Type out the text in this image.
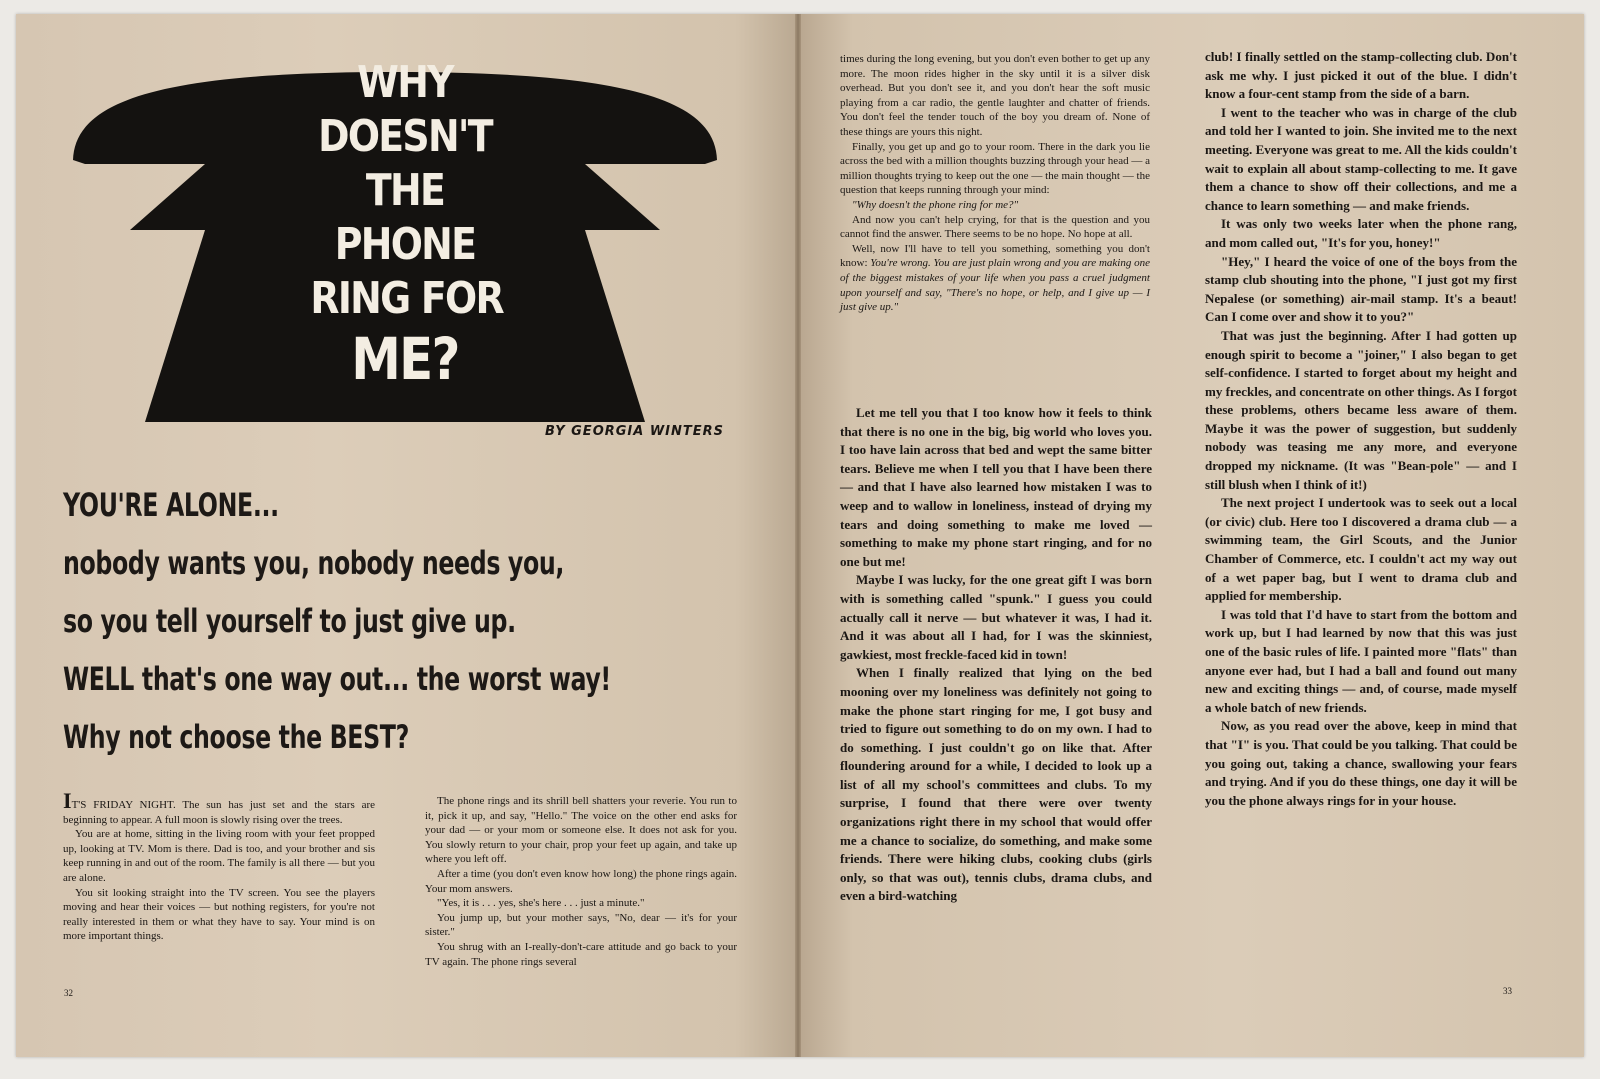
WHY
DOESN'T
THE
PHONE
RING FOR
ME?
BY GEORGIA WINTERS
YOU'RE ALONE...
nobody wants you, nobody needs you,
so you tell yourself to just give up.
WELL that's one way out... the worst way!
Why not choose the BEST?

IT'S FRIDAY NIGHT. The sun has just set and the stars are beginning to appear. A full moon is slowly rising over the trees.

You are at home, sitting in the living room with your feet propped up, looking at TV. Mom is there. Dad is too, and your brother and sis keep running in and out of the room. The family is all there — but you are alone.

You sit looking straight into the TV screen. You see the players moving and hear their voices — but nothing registers, for you're not really interested in them or what they have to say. Your mind is on more important things.

The phone rings and its shrill bell shatters your reverie. You run to it, pick it up, and say, "Hello." The voice on the other end asks for your dad — or your mom or someone else. It does not ask for you. You slowly return to your chair, prop your feet up again, and take up where you left off.

After a time (you don't even know how long) the phone rings again. Your mom answers.

"Yes, it is . . . yes, she's here . . . just a minute."

You jump up, but your mother says, "No, dear — it's for your sister."

You shrug with an I-really-don't-care attitude and go back to your TV again. The phone rings several

32

times during the long evening, but you don't even bother to get up any more. The moon rides higher in the sky until it is a silver disk overhead. But you don't see it, and you don't hear the soft music playing from a car radio, the gentle laughter and chatter of friends. You don't feel the tender touch of the boy you dream of. None of these things are yours this night.

Finally, you get up and go to your room. There in the dark you lie across the bed with a million thoughts buzzing through your head — a million thoughts trying to keep out the one — the main thought — the question that keeps running through your mind:

"Why doesn't the phone ring for me?"

And now you can't help crying, for that is the question and you cannot find the answer. There seems to be no hope. No hope at all.

Well, now I'll have to tell you something, something you don't know: You're wrong. You are just plain wrong and you are making one of the biggest mistakes of your life when you pass a cruel judgment upon yourself and say, "There's no hope, or help, and I give up — I just give up."

Let me tell you that I too know how it feels to think that there is no one in the big, big world who loves you. I too have lain across that bed and wept the same bitter tears. Believe me when I tell you that I have been there — and that I have also learned how mistaken I was to weep and to wallow in loneliness, instead of drying my tears and doing something to make me loved — something to make my phone start ringing, and for no one but me!

Maybe I was lucky, for the one great gift I was born with is something called "spunk." I guess you could actually call it nerve — but whatever it was, I had it. And it was about all I had, for I was the skinniest, gawkiest, most freckle-faced kid in town!

When I finally realized that lying on the bed mooning over my loneliness was definitely not going to make the phone start ringing for me, I got busy and tried to figure out something to do on my own. I had to do something. I just couldn't go on like that. After floundering around for a while, I decided to look up a list of all my school's committees and clubs. To my surprise, I found that there were over twenty organizations right there in my school that would offer me a chance to socialize, do something, and make some friends. There were hiking clubs, cooking clubs (girls only, so that was out), tennis clubs, drama clubs, and even a bird-watching

club! I finally settled on the stamp-collecting club. Don't ask me why. I just picked it out of the blue. I didn't know a four-cent stamp from the side of a barn.

I went to the teacher who was in charge of the club and told her I wanted to join. She invited me to the next meeting. Everyone was great to me. All the kids couldn't wait to explain all about stamp-collecting to me. It gave them a chance to show off their collections, and me a chance to learn something — and make friends.

It was only two weeks later when the phone rang, and mom called out, "It's for you, honey!"

"Hey," I heard the voice of one of the boys from the stamp club shouting into the phone, "I just got my first Nepalese (or something) air-mail stamp. It's a beaut! Can I come over and show it to you?"

That was just the beginning. After I had gotten up enough spirit to become a "joiner," I also began to get self-confidence. I started to forget about my height and my freckles, and concentrate on other things. As I forgot these problems, others became less aware of them. Maybe it was the power of suggestion, but suddenly nobody was teasing me any more, and everyone dropped my nickname. (It was "Bean-pole" — and I still blush when I think of it!)

The next project I undertook was to seek out a local (or civic) club. Here too I discovered a drama club — a swimming team, the Girl Scouts, and the Junior Chamber of Commerce, etc. I couldn't act my way out of a wet paper bag, but I went to drama club and applied for membership.

I was told that I'd have to start from the bottom and work up, but I had learned by now that this was just one of the basic rules of life. I painted more "flats" than anyone ever had, but I had a ball and found out many new and exciting things — and, of course, made myself a whole batch of new friends.

Now, as you read over the above, keep in mind that that "I" is you. That could be you talking. That could be you going out, taking a chance, swallowing your fears and trying. And if you do these things, one day it will be you the phone always rings for in your house.

33
